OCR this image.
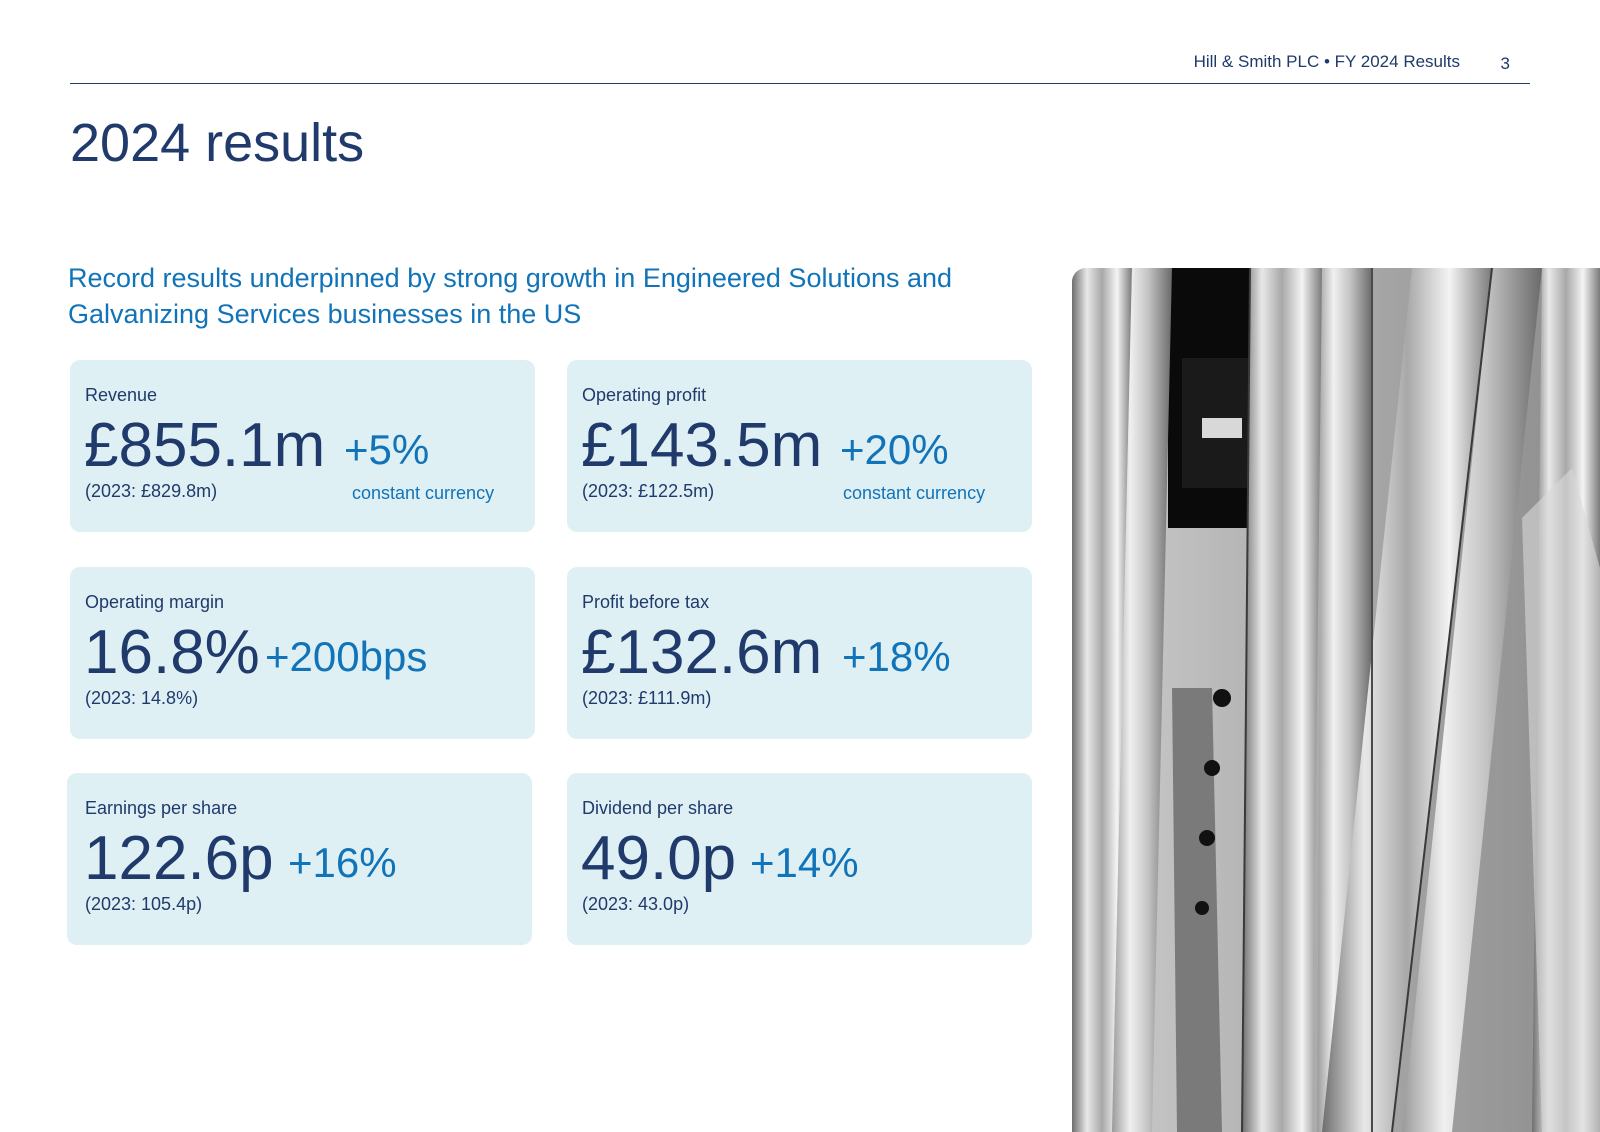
Hill & Smith PLC • FY 2024 Results 3
2024 results
Record results underpinned by strong growth in Engineered Solutions and
Galvanizing Services businesses in the US
Revenue
£855.1m +5%
(2023: £829.8m)	constant currency
Operating profit
£143.5m +20%
(2023: £122.5m)	constant currency
Operating margin
16.8% +200bps
(2023: 14.8%)
Profit before tax
£132.6m +18%
(2023: £111.9m)
Earnings per share
122.6p +16%
(2023: 105.4p)
Dividend per share
49.0p +14%
(2023: 43.0p)
